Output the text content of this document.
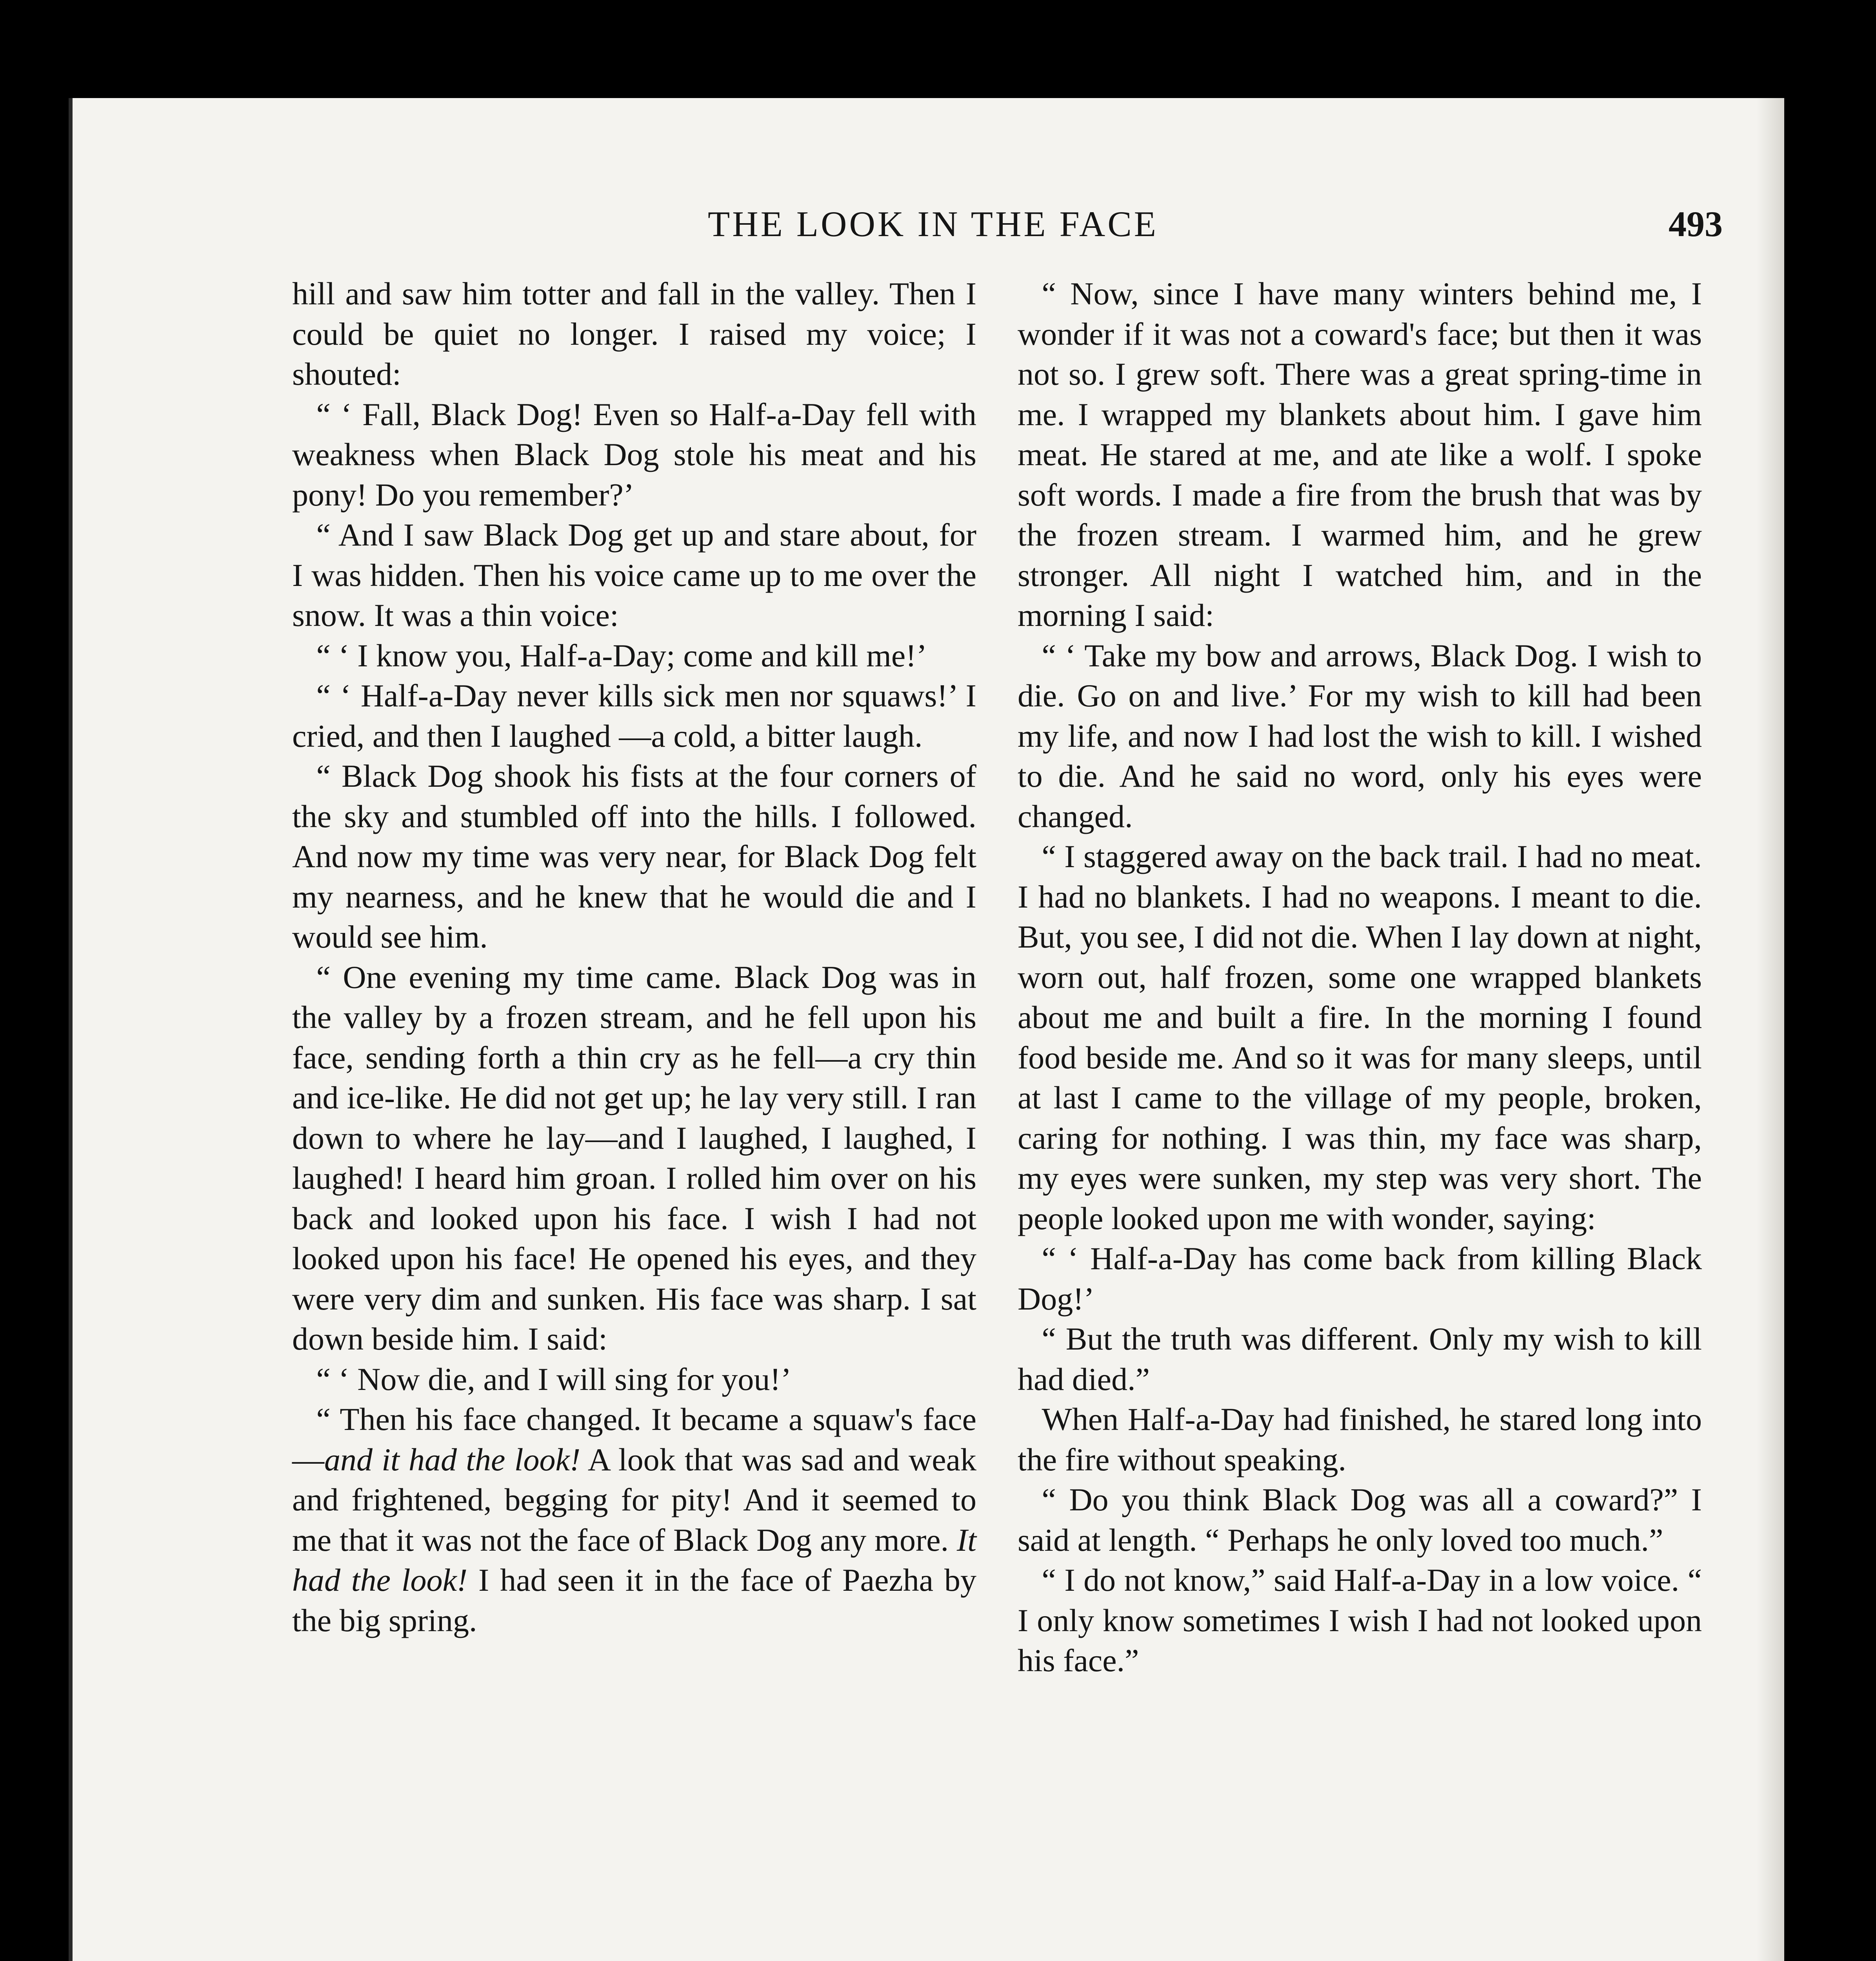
THE LOOK IN THE FACE	493

hill and saw him totter and fall in the valley. Then I could be quiet no longer. I raised my voice; I shouted:

“ ‘ Fall, Black Dog! Even so Half-a-Day fell with weakness when Black Dog stole his meat and his pony! Do you remember?’

“ And I saw Black Dog get up and stare about, for I was hidden. Then his voice came up to me over the snow. It was a thin voice:

“ ‘ I know you, Half-a-Day; come and kill me!’

“ ‘ Half-a-Day never kills sick men nor squaws!’ I cried, and then I laughed —a cold, a bitter laugh.

“ Black Dog shook his fists at the four corners of the sky and stumbled off into the hills. I followed. And now my time was very near, for Black Dog felt my nearness, and he knew that he would die and I would see him.

“ One evening my time came. Black Dog was in the valley by a frozen stream, and he fell upon his face, sending forth a thin cry as he fell—a cry thin and ice-like. He did not get up; he lay very still. I ran down to where he lay—and I laughed, I laughed, I laughed! I heard him groan. I rolled him over on his back and looked upon his face. I wish I had not looked upon his face! He opened his eyes, and they were very dim and sunken. His face was sharp. I sat down beside him. I said:

“ ‘ Now die, and I will sing for you!’

“ Then his face changed. It became a squaw's face—and it had the look! A look that was sad and weak and frightened, begging for pity! And it seemed to me that it was not the face of Black Dog any more. It had the look! I had seen it in the face of Paezha by the big spring.

“ Now, since I have many winters behind me, I wonder if it was not a coward's face; but then it was not so. I grew soft. There was a great spring-time in me. I wrapped my blankets about him. I gave him meat. He stared at me, and ate like a wolf. I spoke soft words. I made a fire from the brush that was by the frozen stream. I warmed him, and he grew stronger. All night I watched him, and in the morning I said:

“ ‘ Take my bow and arrows, Black Dog. I wish to die. Go on and live.’ For my wish to kill had been my life, and now I had lost the wish to kill. I wished to die. And he said no word, only his eyes were changed.

“ I staggered away on the back trail. I had no meat. I had no blankets. I had no weapons. I meant to die. But, you see, I did not die. When I lay down at night, worn out, half frozen, some one wrapped blankets about me and built a fire. In the morning I found food beside me. And so it was for many sleeps, until at last I came to the village of my people, broken, caring for nothing. I was thin, my face was sharp, my eyes were sunken, my step was very short. The people looked upon me with wonder, saying:

“ ‘ Half-a-Day has come back from killing Black Dog!’

“ But the truth was different. Only my wish to kill had died.”

When Half-a-Day had finished, he stared long into the fire without speaking.

“ Do you think Black Dog was all a coward?” I said at length. “ Perhaps he only loved too much.”

“ I do not know,” said Half-a-Day in a low voice. “ I only know sometimes I wish I had not looked upon his face.”
